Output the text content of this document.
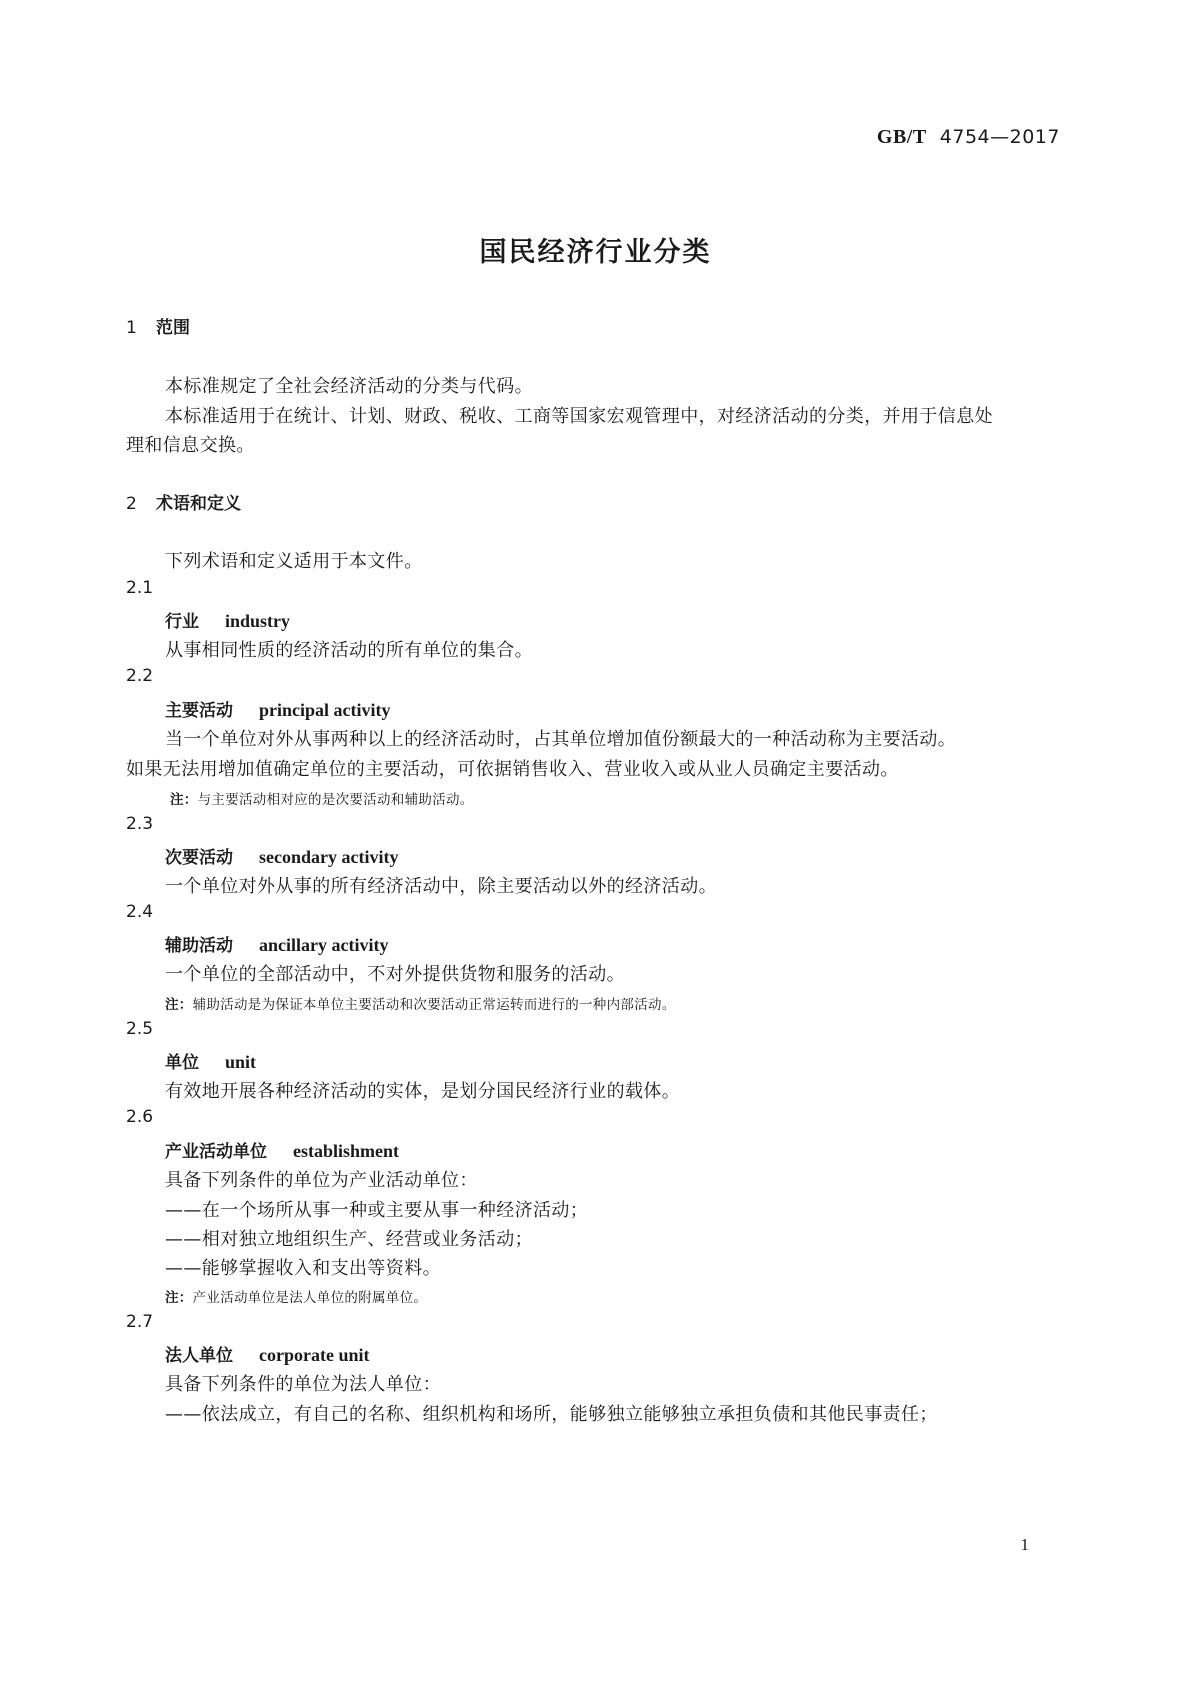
GB/T 4754—2017
国民经济行业分类
1 范围
本标准规定了全社会经济活动的分类与代码。
本标准适用于在统计、计划、财政、税收、工商等国家宏观管理中，对经济活动的分类，并用于信息处
理和信息交换。
2 术语和定义
下列术语和定义适用于本文件。
2.1
行业 industry
从事相同性质的经济活动的所有单位的集合。
2.2
主要活动 principal activity
当一个单位对外从事两种以上的经济活动时，占其单位增加值份额最大的一种活动称为主要活动。
如果无法用增加值确定单位的主要活动，可依据销售收入、营业收入或从业人员确定主要活动。
注：与主要活动相对应的是次要活动和辅助活动。
2.3
次要活动 secondary activity
一个单位对外从事的所有经济活动中，除主要活动以外的经济活动。
2.4
辅助活动 ancillary activity
一个单位的全部活动中，不对外提供货物和服务的活动。
注：辅助活动是为保证本单位主要活动和次要活动正常运转而进行的一种内部活动。
2.5
单位 unit
有效地开展各种经济活动的实体，是划分国民经济行业的载体。
2.6
产业活动单位 establishment
具备下列条件的单位为产业活动单位：
——在一个场所从事一种或主要从事一种经济活动；
——相对独立地组织生产、经营或业务活动；
——能够掌握收入和支出等资料。
注：产业活动单位是法人单位的附属单位。
2.7
法人单位 corporate unit
具备下列条件的单位为法人单位：
——依法成立，有自己的名称、组织机构和场所，能够独立能够独立承担负债和其他民事责任；
1
